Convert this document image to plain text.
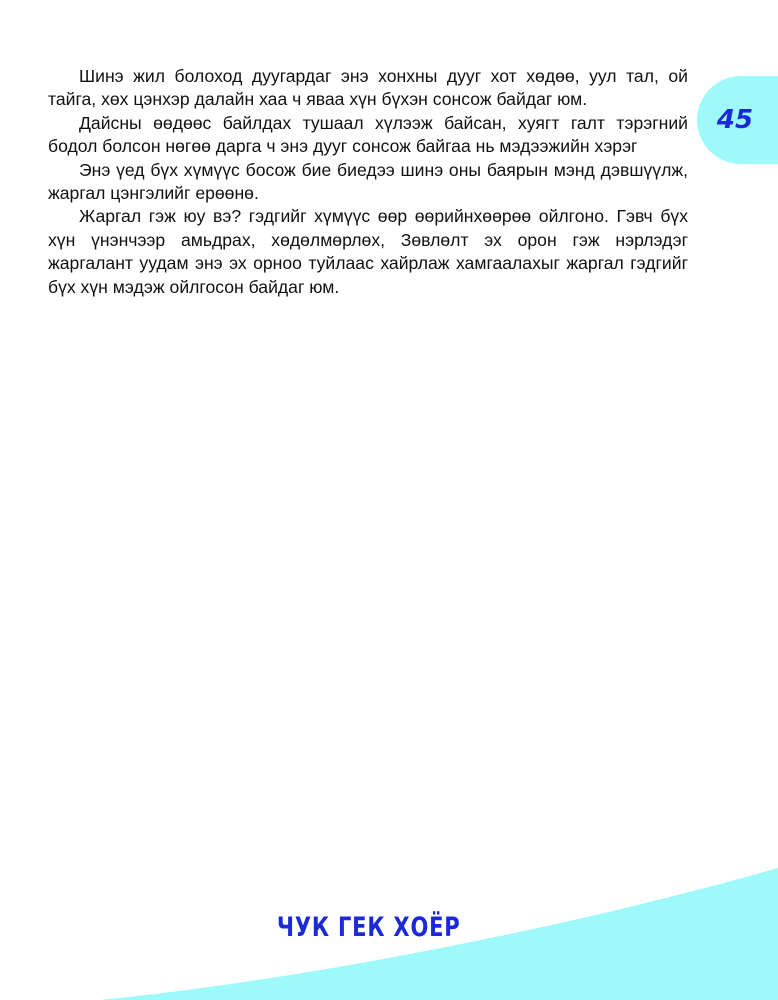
45

Шинэ жил болоход дуугардаг энэ хонхны дууг хот хөдөө, уул тал, ой тайга, хөх цэнхэр далайн хаа ч яваа хүн бүхэн сонсож байдаг юм.

Дайсны өөдөөс байлдах тушаал хүлээж байсан, хуягт галт тэрэгний бодол болсон нөгөө дарга ч энэ дууг сонсож байгаа нь мэдээжийн хэрэг

Энэ үед бүх хүмүүс босож бие биедээ шинэ оны баярын мэнд дэвшүүлж, жаргал цэнгэлийг ерөөнө.

Жаргал гэж юу вэ? гэдгийг хүмүүс өөр өөрийнхөөрөө ойлгоно. Гэвч бүх хүн үнэнчээр амьдрах, хөдөлмөрлөх, Зөвлөлт эх орон гэж нэрлэдэг жаргалант уудам энэ эх орноо туйлаас хайрлаж хамгаалахыг жаргал гэдгийг бүх хүн мэдэж ойлгосон байдаг юм.

ЧУК ГЕК ХОЁР
